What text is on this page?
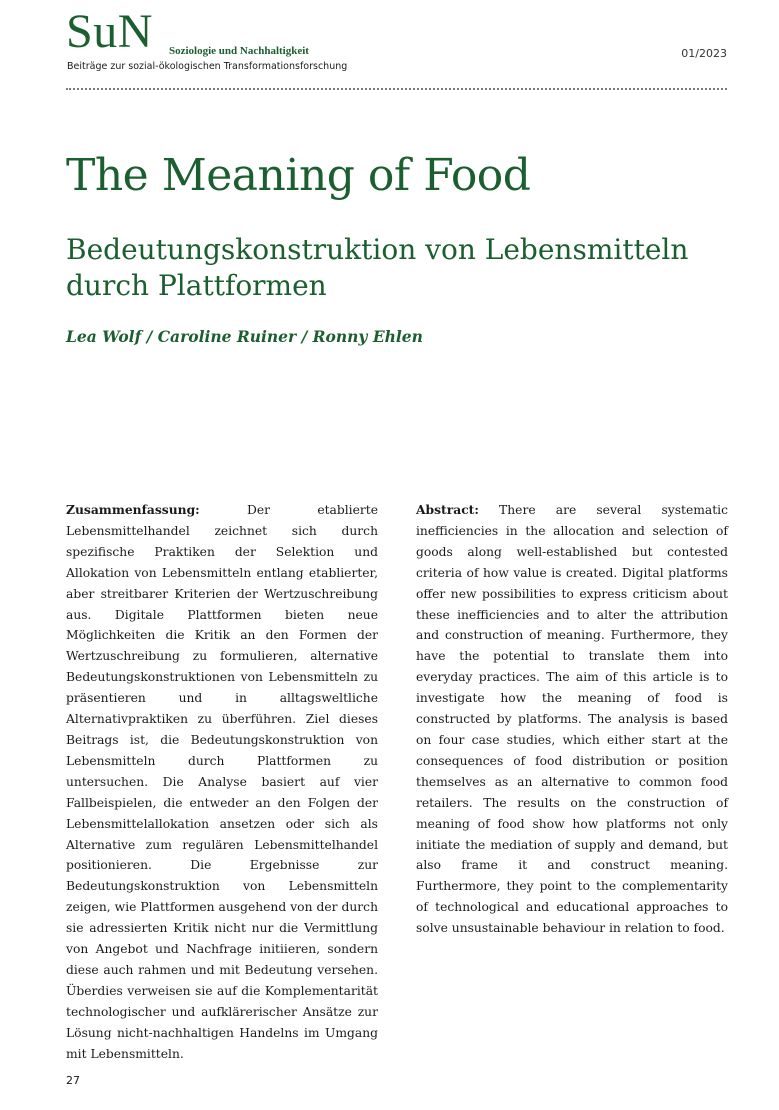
SuN Soziologie und Nachhaltigkeit
Beiträge zur sozial-ökologischen Transformationsforschung
01/2023
The Meaning of Food
Bedeutungskonstruktion von Lebensmitteln durch Plattformen
Lea Wolf / Caroline Ruiner / Ronny Ehlen
Zusammenfassung:	Der etablierte Lebensmittelhandel zeichnet sich durch spezifische Praktiken der Selektion und Allokation von Lebensmitteln entlang etablierter, aber streitbarer Kriterien der Wertzuschreibung aus. Digitale Plattformen bieten neue Möglichkeiten die Kritik an den Formen der Wertzuschreibung zu formulieren, alternative Bedeutungskonstruktionen von Lebensmitteln zu präsentieren und in alltagsweltliche Alternativpraktiken zu überführen. Ziel dieses Beitrags ist, die Bedeutungskonstruktion von Lebensmitteln durch Plattformen zu untersuchen. Die Analyse basiert auf vier Fallbeispielen, die entweder an den Folgen der Lebensmittelallokation ansetzen oder sich als Alternative zum regulären Lebensmittelhandel positionieren. Die Ergebnisse zur Bedeutungskonstruktion von Lebensmitteln zeigen, wie Plattformen ausgehend von der durch sie adressierten Kritik nicht nur die Vermittlung von Angebot und Nachfrage initiieren, sondern diese auch rahmen und mit Bedeutung versehen. Überdies verweisen sie auf die Komplementarität technologischer und aufklärerischer Ansätze zur Lösung nicht-nachhaltigen Handelns im Umgang mit Lebensmitteln.
Abstract: There are several systematic inefficiencies in the allocation and selection of goods along well-established but contested criteria of how value is created. Digital platforms offer new possibilities to express criticism about these inefficiencies and to alter the attribution and construction of meaning. Furthermore, they have the potential to translate them into everyday practices. The aim of this article is to investigate how the meaning of food is constructed by platforms. The analysis is based on four case studies, which either start at the consequences of food distribution or position themselves as an alternative to common food retailers. The results on the construction of meaning of food show how platforms not only initiate the mediation of supply and demand, but also frame it and construct meaning. Furthermore, they point to the complementarity of technological and educational approaches to solve unsustainable behaviour in relation to food.
27
